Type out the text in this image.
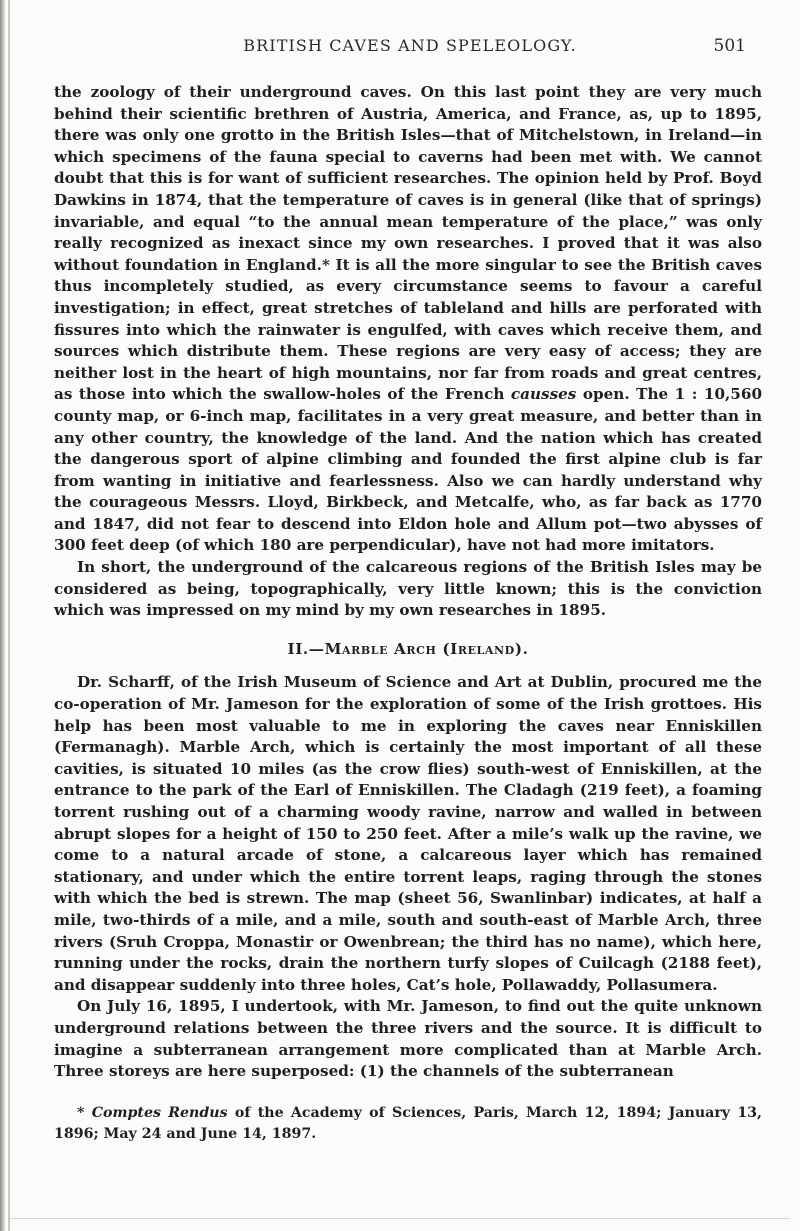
BRITISH CAVES AND SPELEOLOGY.	501

the zoology of their underground caves. On this last point they are very much behind their scientific brethren of Austria, America, and France, as, up to 1895, there was only one grotto in the British Isles—that of Mitchelstown, in Ireland—in which specimens of the fauna special to caverns had been met with. We cannot doubt that this is for want of sufficient researches. The opinion held by Prof. Boyd Dawkins in 1874, that the temperature of caves is in general (like that of springs) invariable, and equal “to the annual mean temperature of the place,” was only really recognized as inexact since my own researches. I proved that it was also without foundation in England.* It is all the more singular to see the British caves thus incompletely studied, as every circumstance seems to favour a careful investigation; in effect, great stretches of tableland and hills are perforated with fissures into which the rainwater is engulfed, with caves which receive them, and sources which distribute them. These regions are very easy of access; they are neither lost in the heart of high mountains, nor far from roads and great centres, as those into which the swallow-holes of the French causses open. The 1 : 10,560 county map, or 6-inch map, facilitates in a very great measure, and better than in any other country, the knowledge of the land. And the nation which has created the dangerous sport of alpine climbing and founded the first alpine club is far from wanting in initiative and fearlessness. Also we can hardly understand why the courageous Messrs. Lloyd, Birkbeck, and Metcalfe, who, as far back as 1770 and 1847, did not fear to descend into Eldon hole and Allum pot—two abysses of 300 feet deep (of which 180 are perpendicular), have not had more imitators.

In short, the underground of the calcareous regions of the British Isles may be considered as being, topographically, very little known; this is the conviction which was impressed on my mind by my own researches in 1895.

II.—Marble Arch (Ireland).

Dr. Scharff, of the Irish Museum of Science and Art at Dublin, procured me the co-operation of Mr. Jameson for the exploration of some of the Irish grottoes. His help has been most valuable to me in exploring the caves near Enniskillen (Fermanagh). Marble Arch, which is certainly the most important of all these cavities, is situated 10 miles (as the crow flies) south-west of Enniskillen, at the entrance to the park of the Earl of Enniskillen. The Cladagh (219 feet), a foaming torrent rushing out of a charming woody ravine, narrow and walled in between abrupt slopes for a height of 150 to 250 feet. After a mile’s walk up the ravine, we come to a natural arcade of stone, a calcareous layer which has remained stationary, and under which the entire torrent leaps, raging through the stones with which the bed is strewn. The map (sheet 56, Swanlinbar) indicates, at half a mile, two-thirds of a mile, and a mile, south and south-east of Marble Arch, three rivers (Sruh Croppa, Monastir or Owenbrean; the third has no name), which here, running under the rocks, drain the northern turfy slopes of Cuilcagh (2188 feet), and disappear suddenly into three holes, Cat’s hole, Pollawaddy, Pollasumera.

On July 16, 1895, I undertook, with Mr. Jameson, to find out the quite unknown underground relations between the three rivers and the source. It is difficult to imagine a subterranean arrangement more complicated than at Marble Arch. Three storeys are here superposed: (1) the channels of the subterranean

* Comptes Rendus of the Academy of Sciences, Paris, March 12, 1894; January 13, 1896; May 24 and June 14, 1897.
